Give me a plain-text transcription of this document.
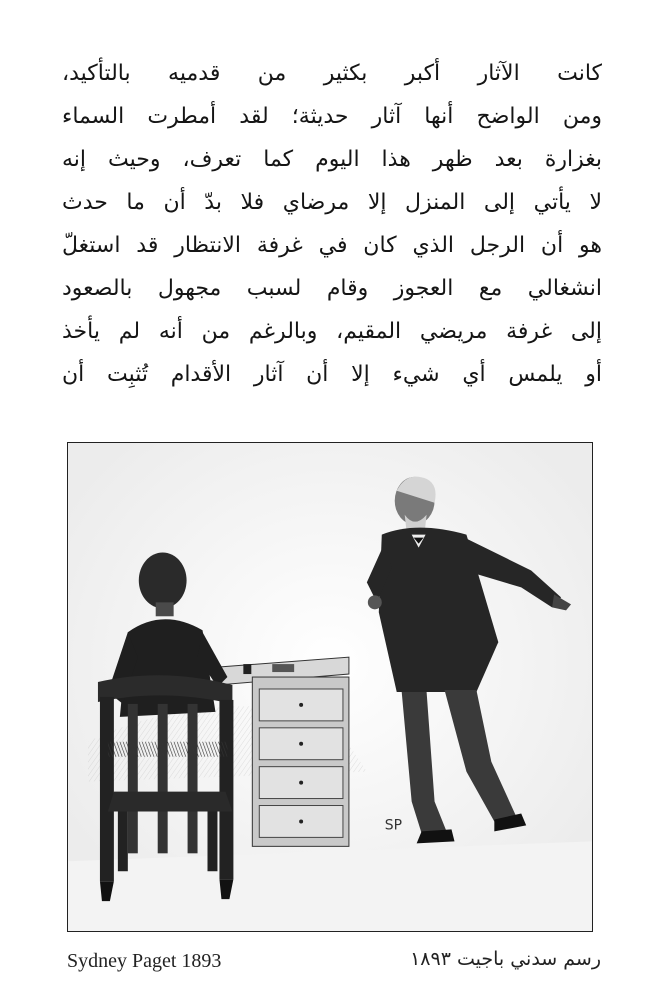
كانت الآثار أكبر بكثير من قدميه بالتأكيد،
ومن الواضح أنها آثار حديثة؛ لقد أمطرت السماء
بغزارة بعد ظهر هذا اليوم كما تعرف، وحيث إنه
لا يأتي إلى المنزل إلا مرضاي فلا بدّ أن ما حدث
هو أن الرجل الذي كان في غرفة الانتظار قد استغلّ
انشغالي مع العجوز وقام لسبب مجهول بالصعود
إلى غرفة مريضي المقيم، وبالرغم من أنه لم يأخذ
أو يلمس أي شيء إلا أن آثار الأقدام تُثبِت أن
SP
Sydney Paget 1893	رسم سدني باجيت ١٨٩٣
